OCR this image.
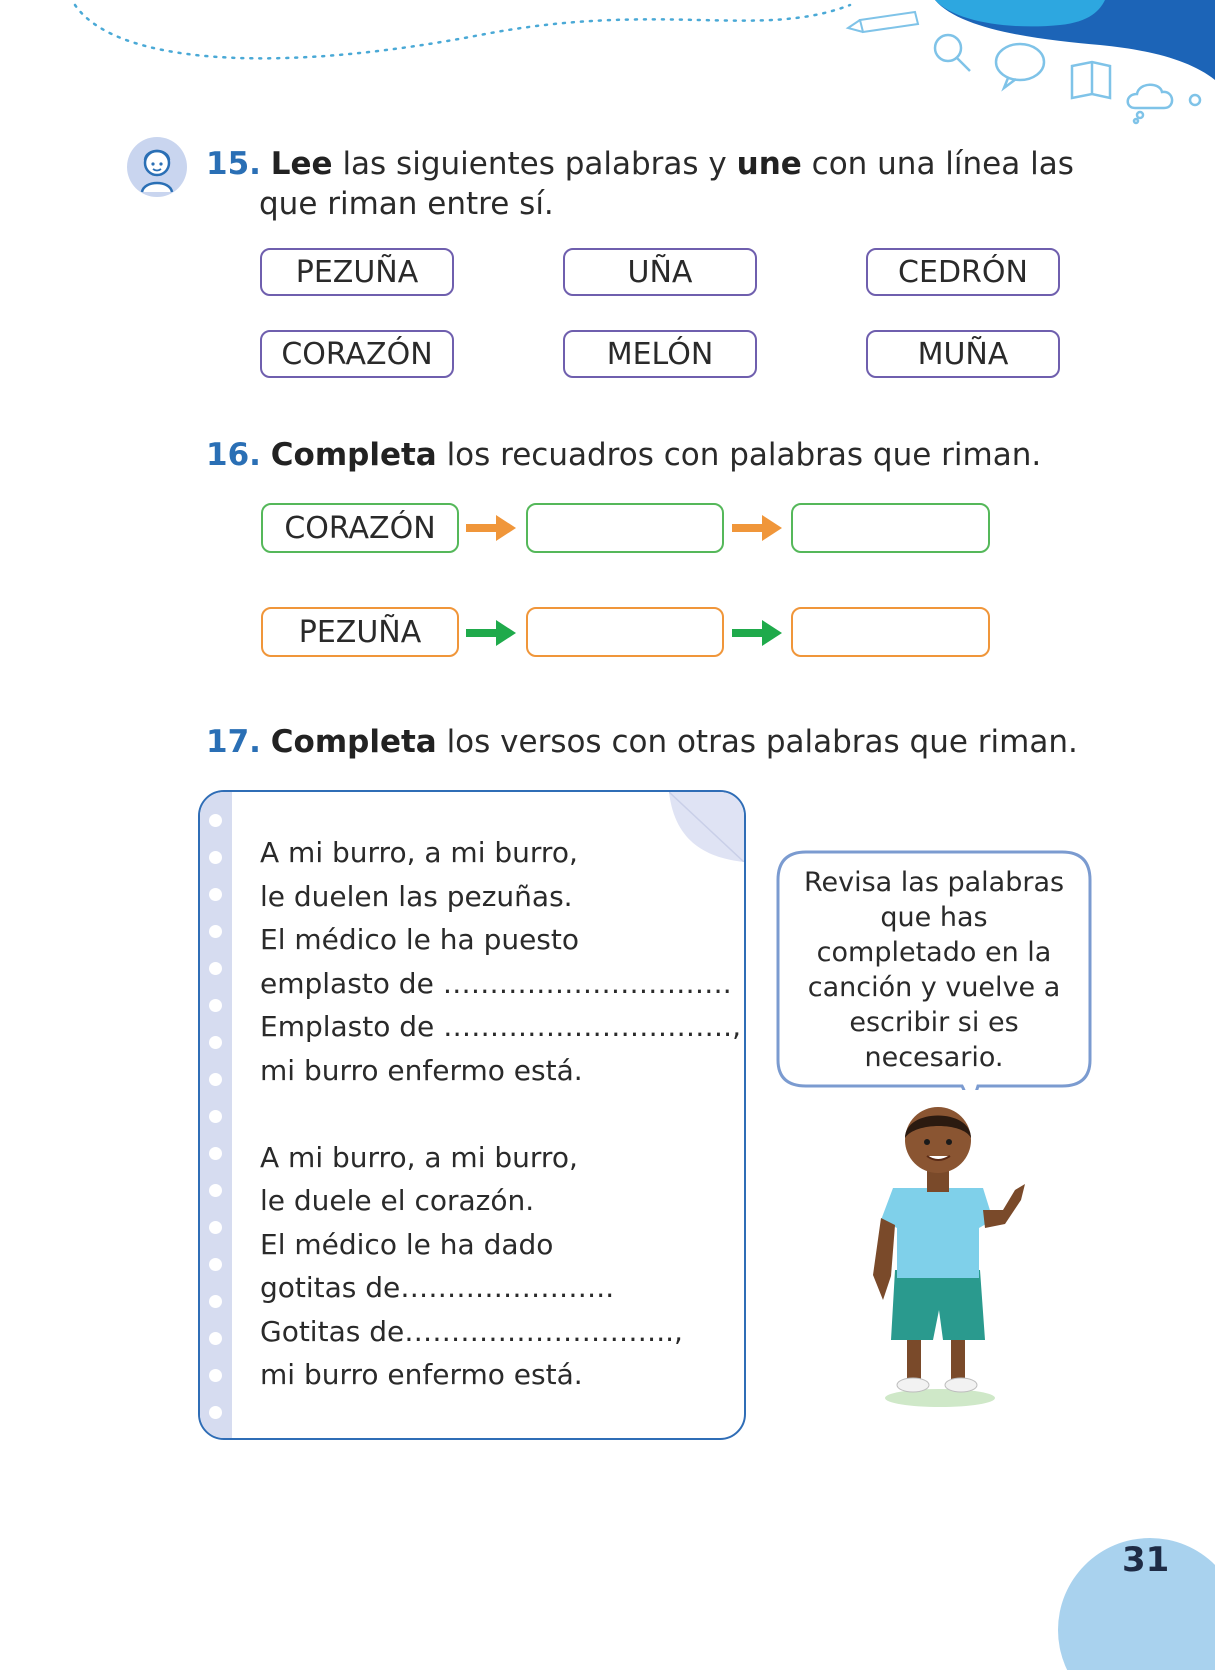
15. Lee las siguientes palabras y une con una línea las
que riman entre sí.
PEZUÑA	UÑA	CEDRÓN
CORAZÓN	MELÓN	MUÑA
16. Completa los recuadros con palabras que riman.
CORAZÓN
PEZUÑA
17. Completa los versos con otras palabras que riman.
A mi burro, a mi burro,
le duelen las pezuñas.
El médico le ha puesto
emplasto de ………………………….
Emplasto de ………………………….,
mi burro enfermo está.
A mi burro, a mi burro,
le duele el corazón.
El médico le ha dado
gotitas de…………………..
Gotitas de………………………..,
mi burro enfermo está.
Revisa las palabras que has completado en la canción y vuelve a escribir si es necesario.
31
